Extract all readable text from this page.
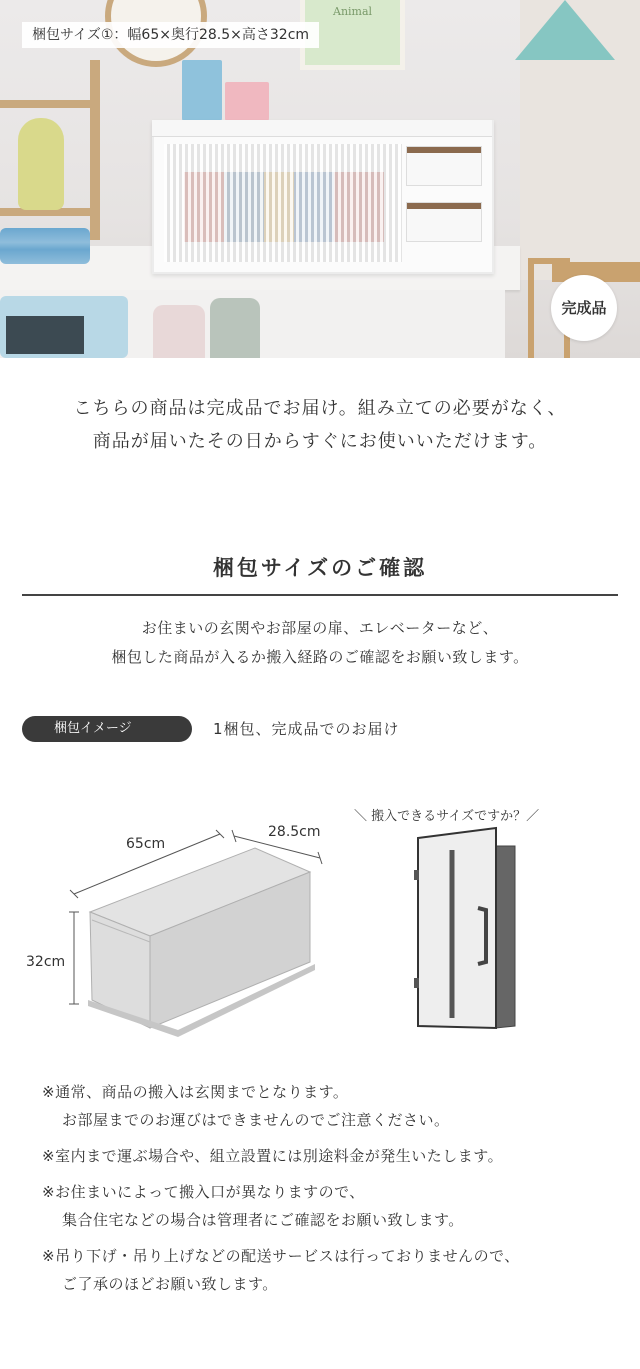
Animal
梱包サイズ①：幅65×奥行28.5×高さ32cm
完成品
こちらの商品は完成品でお届け。組み立ての必要がなく、
商品が届いたその日からすぐにお使いいただけます。
梱包サイズのご確認
お住まいの玄関やお部屋の扉、エレベーターなど、
梱包した商品が入るか搬入経路のご確認をお願い致します。
梱包イメージ	1梱包、完成品でのお届け
65cm
28.5cm
32cm
＼ 搬入できるサイズですか？／
※通常、商品の搬入は玄関までとなります。
お部屋までのお運びはできませんのでご注意ください。
※室内まで運ぶ場合や、組立設置には別途料金が発生いたします。
※お住まいによって搬入口が異なりますので、
集合住宅などの場合は管理者にご確認をお願い致します。
※吊り下げ・吊り上げなどの配送サービスは行っておりませんので、
ご了承のほどお願い致します。
